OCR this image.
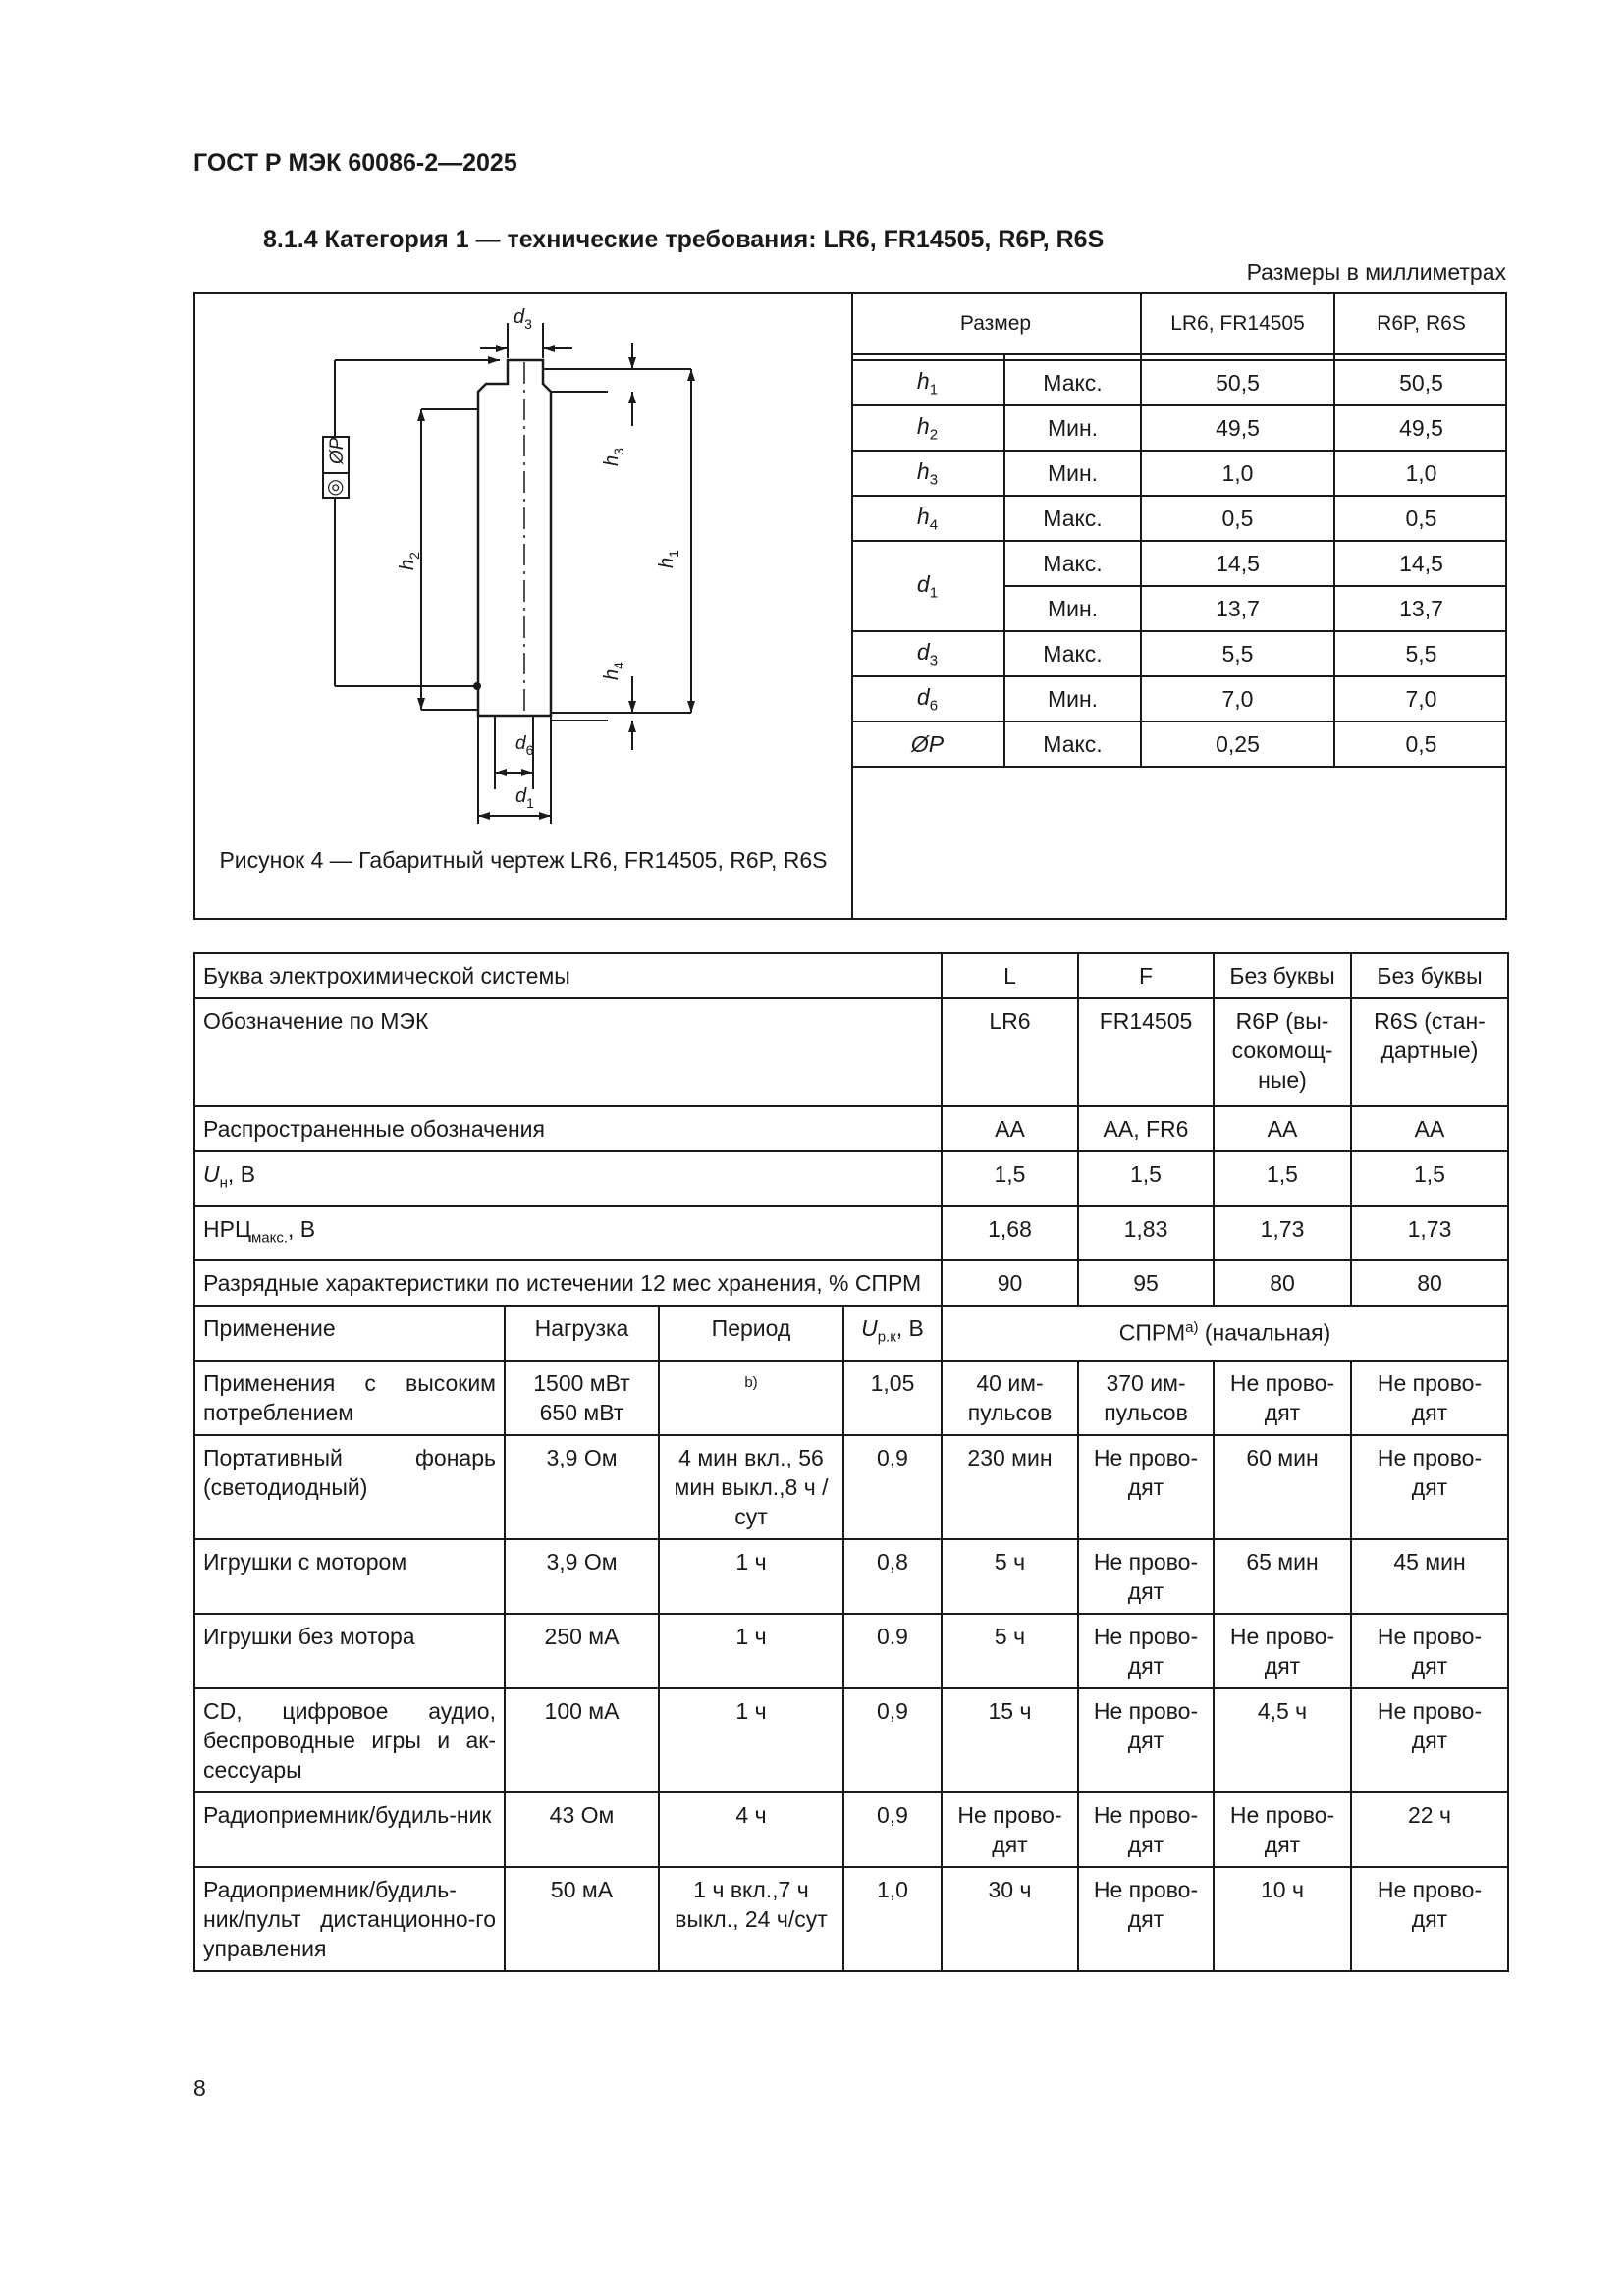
ГОСТ Р МЭК 60086-2—2025
8.1.4 Категория 1 — технические требования: LR6, FR14505, R6P, R6S
Размеры в миллиметрах
$d_3$
$d_6$
$d_1$
$h_1$
$h_2$
$h_3$
$h_4$
ØP
◎
Рисунок 4 — Габаритный чертеж LR6, FR14505, R6P, R6S
Размер		LR6, FR14505	R6P, R6S

$h_1$	Макс.	50,5	50,5
$h_2$	Мин.	49,5	49,5
$h_3$	Мин.	1,0	1,0
$h_4$	Макс.	0,5	0,5
$d_1$	Макс.	14,5	14,5
	Мин.	13,7	13,7
$d_3$	Макс.	5,5	5,5
$d_6$	Мин.	7,0	7,0
ØP	Макс.	0,25	0,5
Буква электрохимической системы				L	F	Без буквы	Без буквы
Обозначение по МЭК				LR6	FR14505	R6P (вы-сокомощ-ные)	R6S (стан-дартные)
Распространенные обозначения				AA	AA, FR6	AA	AA
$U_н$, В				1,5	1,5	1,5	1,5
$НРЦ_{макс.}$, В				1,68	1,83	1,73	1,73
Разрядные характеристики по истечении 12 мес хранения, % СПРМ				90	95	80	80
Применение	Нагрузка	Период	$U_{р.к}$, В	СПРМ$^{a)}$ (начальная)			
Применения с высоким потреблением	1500 мВт 650 мВт	$^{b)}$	1,05	40 им-пульсов	370 им-пульсов	Не прово-дят	Не прово-дят
Портативный фонарь (светодиодный)	3,9 Ом	4 мин вкл., 56 мин выкл.,8 ч /сут	0,9	230 мин	Не прово-дят	60 мин	Не прово-дят
Игрушки с мотором	3,9 Ом	1 ч	0,8	5 ч	Не прово-дят	65 мин	45 мин
Игрушки без мотора	250 мА	1 ч	0.9	5 ч	Не прово-дят	Не прово-дят	Не прово-дят
CD, цифровое аудио, беспроводные игры и ак-сессуары	100 мА	1 ч	0,9	15 ч	Не прово-дят	4,5 ч	Не прово-дят
Радиоприемник/будиль-ник	43 Ом	4 ч	0,9	Не прово-дят	Не прово-дят	Не прово-дят	22 ч
Радиоприемник/будиль-ник/пульт дистанционно-го управления	50 мА	1 ч вкл.,7 ч выкл., 24 ч/сут	1,0	30 ч	Не прово-дят	10 ч	Не прово-дят
8
